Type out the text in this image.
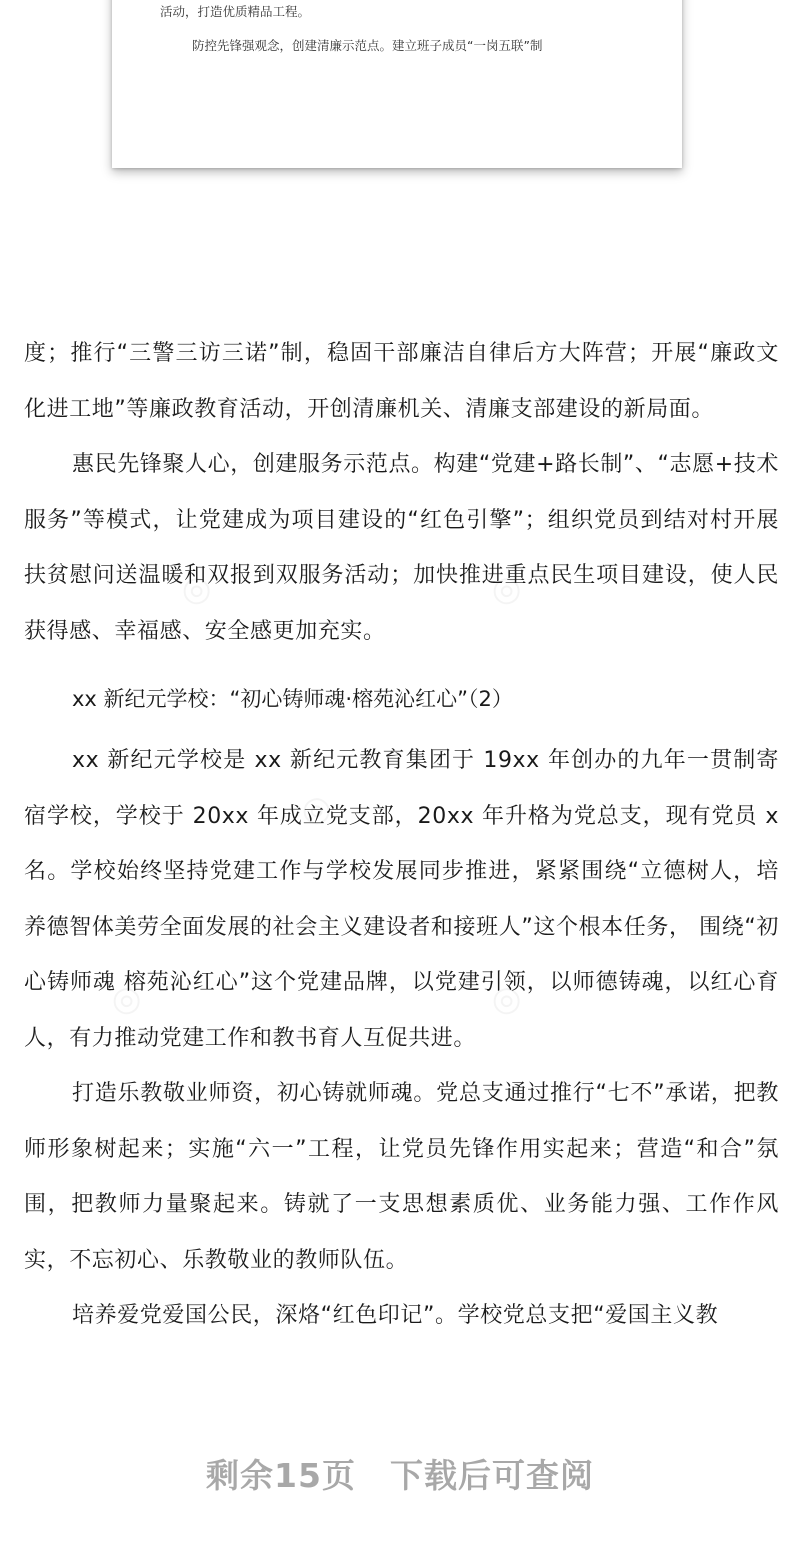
活动，打造优质精品工程。
防控先锋强观念，创建清廉示范点。建立班子成员“一岗五联”制

度；推行“三警三访三诺”制，稳固干部廉洁自律后方大阵营；开展“廉政文化进工地”等廉政教育活动，开创清廉机关、清廉支部建设的新局面。

惠民先锋聚人心，创建服务示范点。构建“党建+路长制”、“志愿+技术服务”等模式，让党建成为项目建设的“红色引擎”；组织党员到结对村开展扶贫慰问送温暖和双报到双服务活动；加快推进重点民生项目建设，使人民获得感、幸福感、安全感更加充实。

xx 新纪元学校：“初心铸师魂·榕苑沁红心”（2）

xx 新纪元学校是 xx 新纪元教育集团于 19xx 年创办的九年一贯制寄宿学校，学校于 20xx 年成立党支部，20xx 年升格为党总支，现有党员 x 名。学校始终坚持党建工作与学校发展同步推进，紧紧围绕“立德树人，培养德智体美劳全面发展的社会主义建设者和接班人”这个根本任务， 围绕“初心铸师魂 榕苑沁红心”这个党建品牌，以党建引领，以师德铸魂，以红心育人，有力推动党建工作和教书育人互促共进。

打造乐教敬业师资，初心铸就师魂。党总支通过推行“七不”承诺，把教师形象树起来；实施“六一”工程，让党员先锋作用实起来；营造“和合”氛围，把教师力量聚起来。铸就了一支思想素质优、业务能力强、工作作风实，不忘初心、乐教敬业的教师队伍。

培养爱党爱国公民，深烙“红色印记”。学校党总支把“爱国主义教

剩余15页　下载后可查阅
